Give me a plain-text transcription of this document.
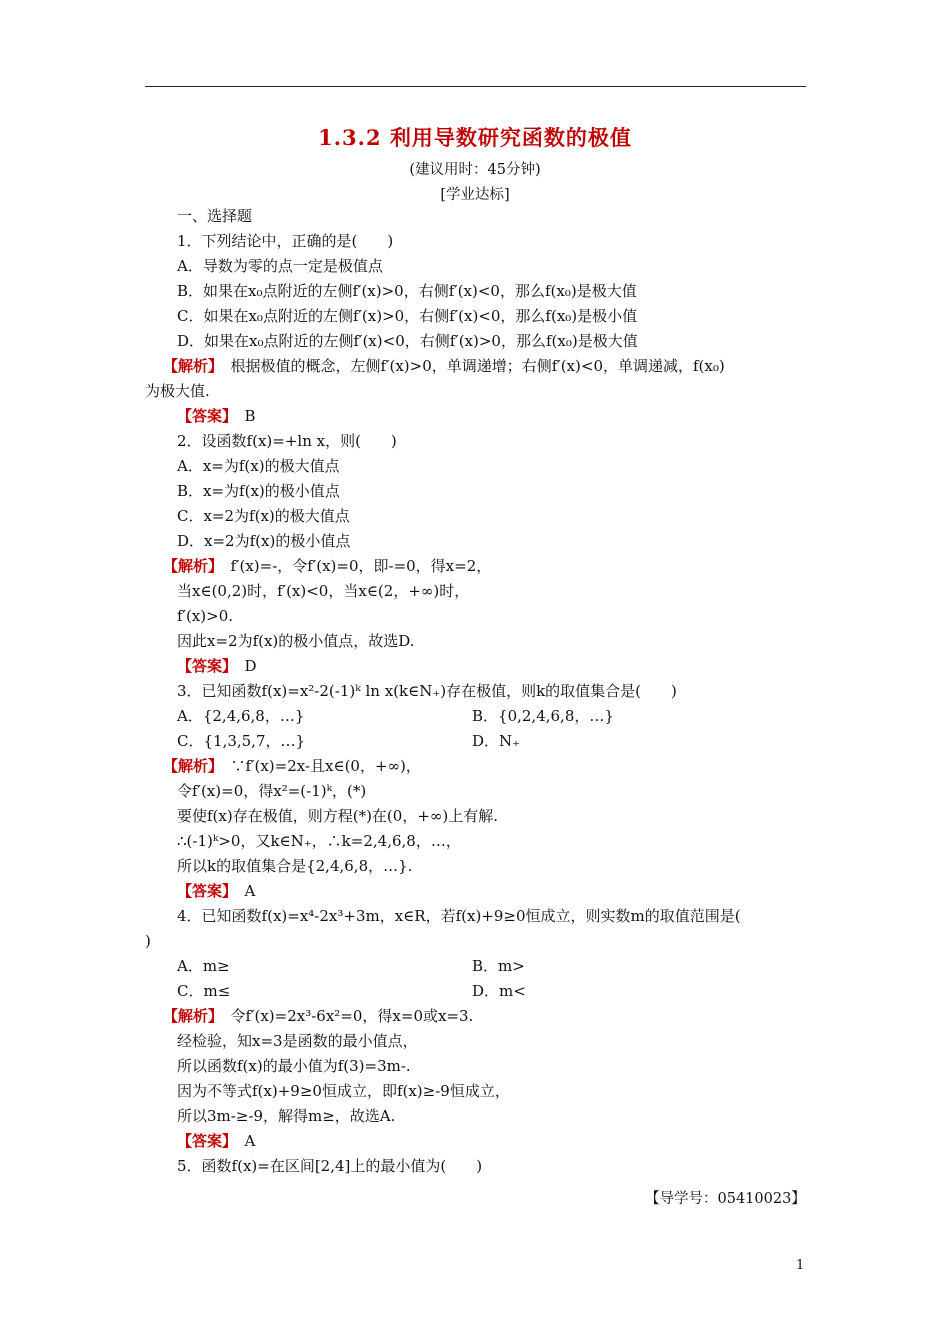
1.3.2 利用导数研究函数的极值
(建议用时：45分钟)
[学业达标]
一、选择题
1．下列结论中，正确的是(　　)
A．导数为零的点一定是极值点
B．如果在x₀点附近的左侧f′(x)>0，右侧f′(x)<0，那么f(x₀)是极大值
C．如果在x₀点附近的左侧f′(x)>0，右侧f′(x)<0，那么f(x₀)是极小值
D．如果在x₀点附近的左侧f′(x)<0，右侧f′(x)>0，那么f(x₀)是极大值
【解析】　根据极值的概念，左侧f′(x)>0，单调递增；右侧f′(x)<0，单调递减，f(x₀)
为极大值.
【答案】　B
2．设函数f(x)=+ln x，则(　　)
A．x=为f(x)的极大值点
B．x=为f(x)的极小值点
C．x=2为f(x)的极大值点
D．x=2为f(x)的极小值点
【解析】　f′(x)=-，令f′(x)=0，即-=0，得x=2，
当x∈(0,2)时，f′(x)<0，当x∈(2，+∞)时，
f′(x)>0.
因此x=2为f(x)的极小值点，故选D.
【答案】　D
3．已知函数f(x)=x²-2(-1)ᵏ ln x(k∈N₊)存在极值，则k的取值集合是(　　)
A．{2,4,6,8，…}	B．{0,2,4,6,8，…}
C．{1,3,5,7，…}	D．N₊
【解析】　∵f′(x)=2x-且x∈(0，+∞)，
令f′(x)=0，得x²=(-1)ᵏ，(*)
要使f(x)存在极值，则方程(*)在(0，+∞)上有解.
∴(-1)ᵏ>0，又k∈N₊，∴k=2,4,6,8，…，
所以k的取值集合是{2,4,6,8，…}.
【答案】　A
4．已知函数f(x)=x⁴-2x³+3m，x∈R，若f(x)+9≥0恒成立，则实数m的取值范围是(
)
A．m≥	B．m>
C．m≤	D．m<
【解析】　令f′(x)=2x³-6x²=0，得x=0或x=3.
经检验，知x=3是函数的最小值点，
所以函数f(x)的最小值为f(3)=3m-.
因为不等式f(x)+9≥0恒成立，即f(x)≥-9恒成立，
所以3m-≥-9，解得m≥，故选A.
【答案】　A
5．函数f(x)=在区间[2,4]上的最小值为(　　)
【导学号：05410023】
1
